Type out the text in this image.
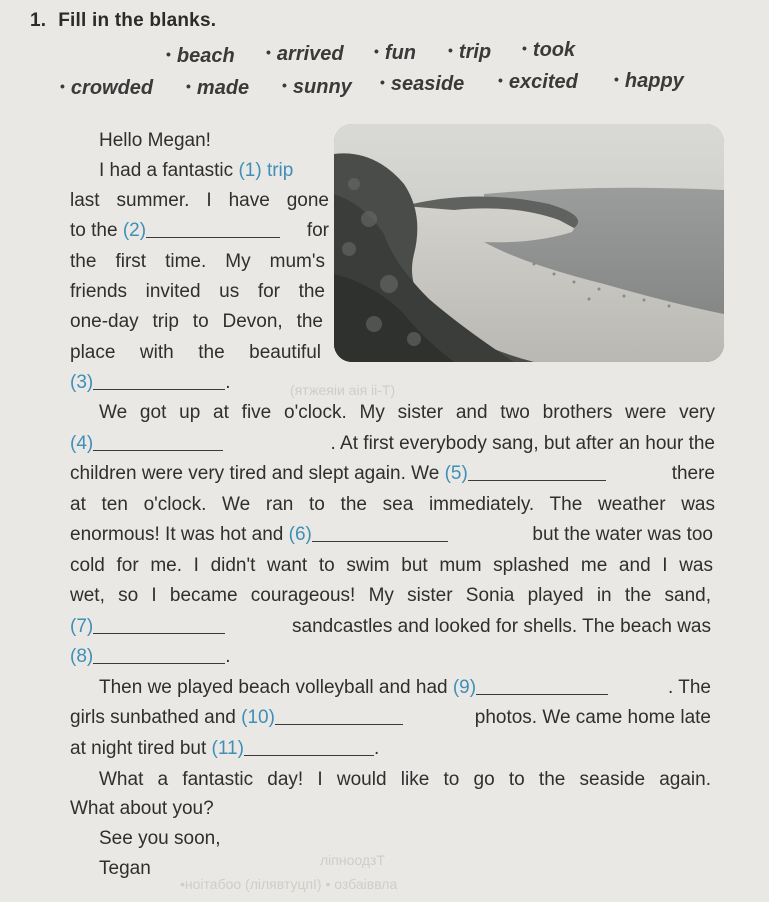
1. Fill in the blanks.
• beach • arrived • fun • trip • took
• crowded • made • sunny • seaside • excited	• happy
(ятжеяіи аія іі-Т)
Hello Megan!
I had a fantastic (1) trip
last summer. I have gone
to the (2)	for
the first time. My mum's
friends invited us for the
one-day trip to Devon, the
place with the beautiful
(3)	.
We got up at five o'clock. My sister and two brothers were very
(4)	. At first everybody sang, but after an hour the
children were very tired and slept again. We (5)	there
at ten o'clock. We ran to the sea immediately. The weather was
enormous! It was hot and (6)	but the water was too
cold for me. I didn't want to swim but mum splashed me and I was
wet, so I became courageous! My sister Sonia played in the sand,
(7)	sandcastles and looked for shells. The beach was
(8)	.
Then we played beach volleyball and had (9)	. The
girls sunbathed and (10)	photos. We came home late
at night tired but (11)	.
What a fantastic day! I would like to go to the seaside again.
What about you?
See you soon,
Tegan	ліпноодзТ
•ноітабоо (лілявтуцпІ) • озбаіввла
